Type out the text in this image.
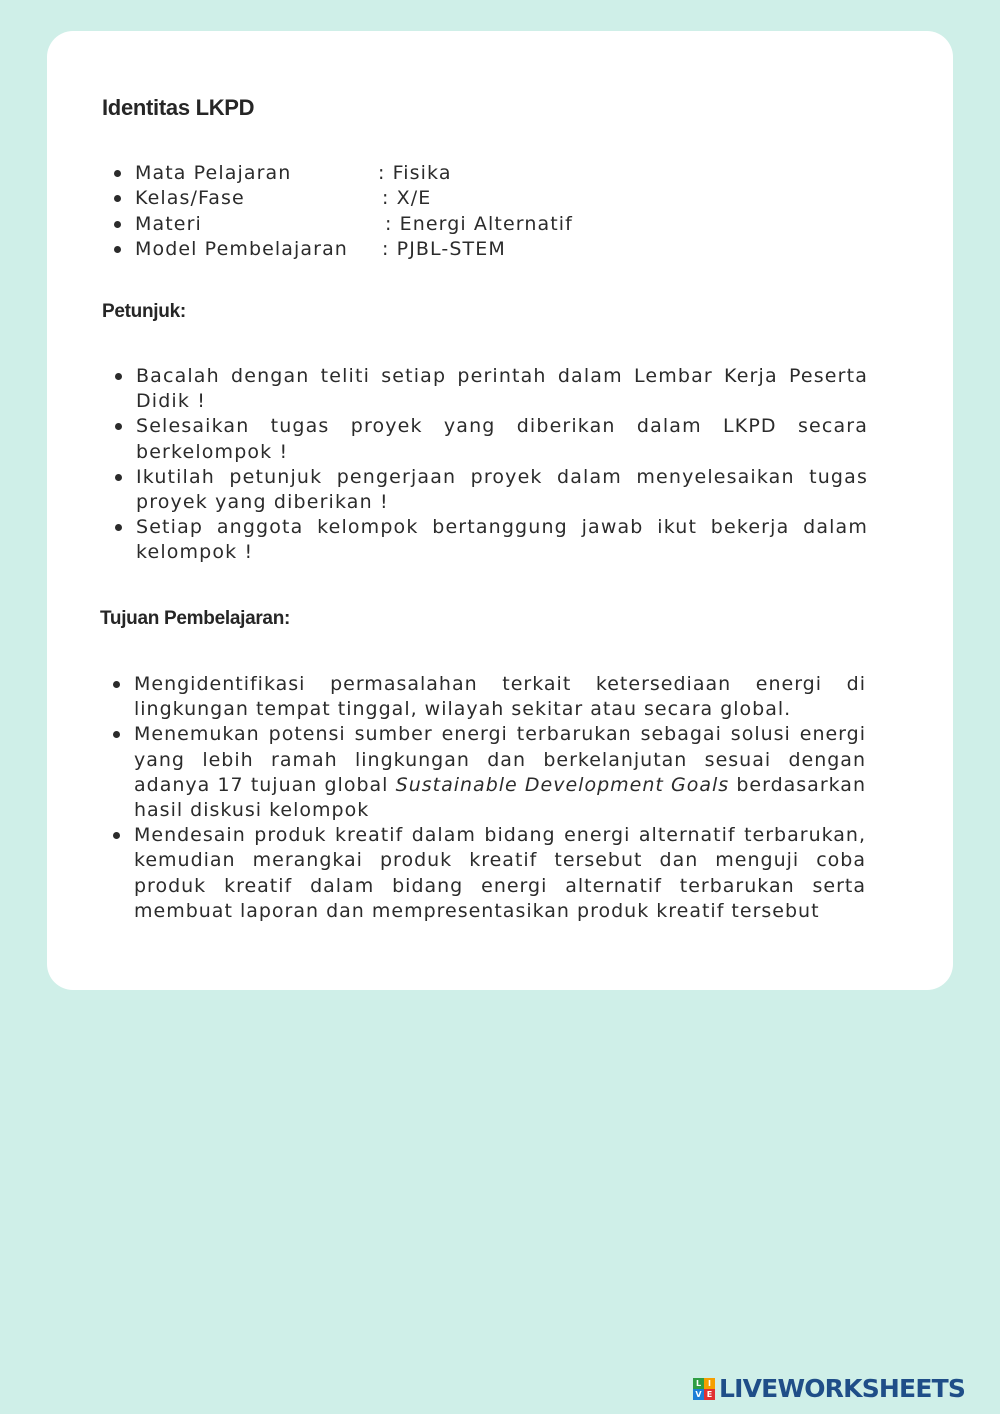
Identitas LKPD
Mata Pelajaran	: Fisika
Kelas/Fase	: X/E
Materi	: Energi Alternatif
Model Pembelajaran : PJBL-STEM
Petunjuk:
Bacalah dengan teliti setiap perintah dalam Lembar Kerja Peserta Didik !
Selesaikan tugas proyek yang diberikan dalam LKPD secara berkelompok !
Ikutilah petunjuk pengerjaan proyek dalam menyelesaikan tugas proyek yang diberikan !
Setiap anggota kelompok bertanggung jawab ikut bekerja dalam kelompok !
Tujuan Pembelajaran:
Mengidentifikasi permasalahan terkait ketersediaan energi di lingkungan tempat tinggal, wilayah sekitar atau secara global.
Menemukan potensi sumber energi terbarukan sebagai solusi energi yang lebih ramah lingkungan dan berkelanjutan sesuai dengan adanya 17 tujuan global Sustainable Development Goals berdasarkan hasil diskusi kelompok
Mendesain produk kreatif dalam bidang energi alternatif terbarukan, kemudian merangkai produk kreatif tersebut dan menguji coba produk kreatif dalam bidang energi alternatif terbarukan serta membuat laporan dan mempresentasikan produk kreatif tersebut
L I
V E LIVEWORKSHEETS
